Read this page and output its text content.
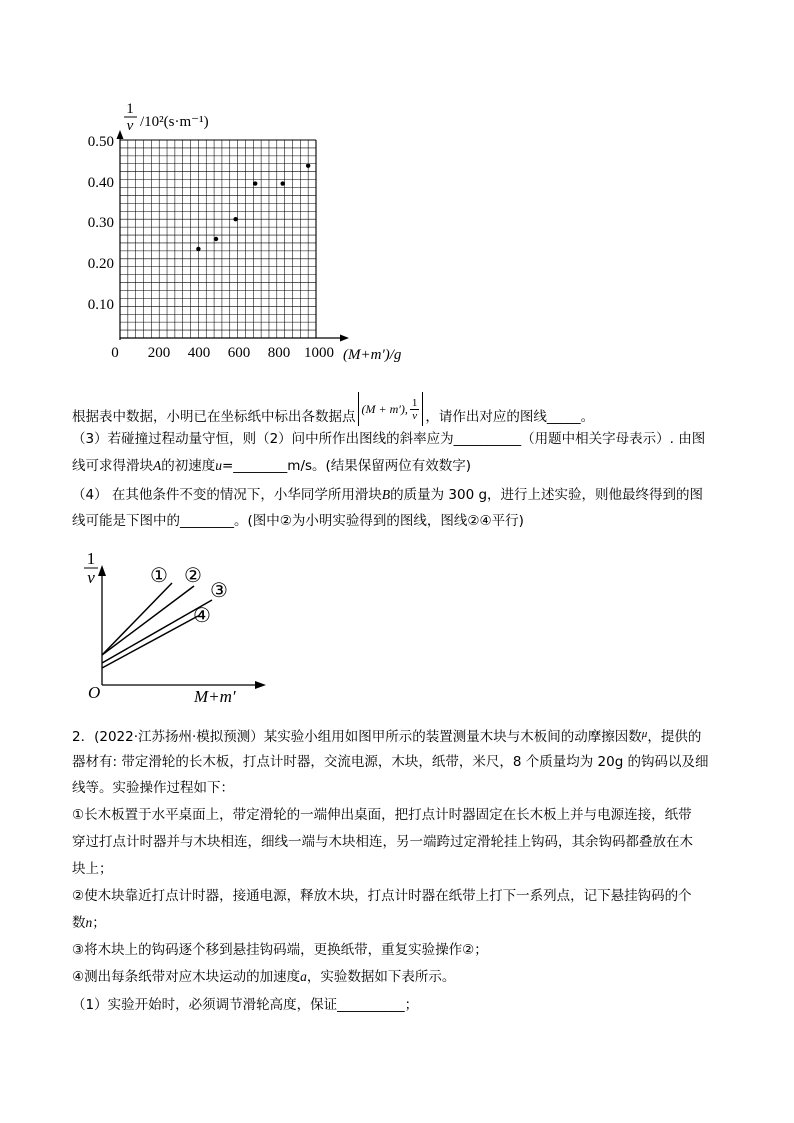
1
v /10²(s·m⁻¹)
0.50
0.40
0.30
0.20
0.10
0 200 400 600 800 1000 (M+m′)/g
根据表中数据，小明已在坐标纸中标出各数据点 (M + m′), $\frac{1}{v}$ ，请作出对应的图线_____。
（3）若碰撞过程动量守恒，则（2）问中所作出图线的斜率应为__________（用题中相关字母表示）. 由图
线可求得滑块A的初速度u=________m/s。(结果保留两位有效数字)
（4） 在其他条件不变的情况下，小华同学所用滑块B的质量为 300 g，进行上述实验，则他最终得到的图
线可能是下图中的________。(图中②为小明实验得到的图线，图线②④平行)
1
v
O	M+m′
① ②
③
④
2．(2022·江苏扬州·模拟预测）某实验小组用如图甲所示的装置测量木块与木板间的动摩擦因数$^\mu$，提供的
器材有: 带定滑轮的长木板，打点计时器，交流电源，木块，纸带，米尺，8 个质量均为 20g 的钩码以及细
线等。实验操作过程如下：
①长木板置于水平桌面上，带定滑轮的一端伸出桌面，把打点计时器固定在长木板上并与电源连接，纸带
穿过打点计时器并与木块相连，细线一端与木块相连，另一端跨过定滑轮挂上钩码，其余钩码都叠放在木
块上；
②使木块靠近打点计时器，接通电源，释放木块，打点计时器在纸带上打下一系列点，记下悬挂钩码的个
数n；
③将木块上的钩码逐个移到悬挂钩码端，更换纸带，重复实验操作②；
④测出每条纸带对应木块运动的加速度a，实验数据如下表所示。
（1）实验开始时，必须调节滑轮高度，保证__________；
